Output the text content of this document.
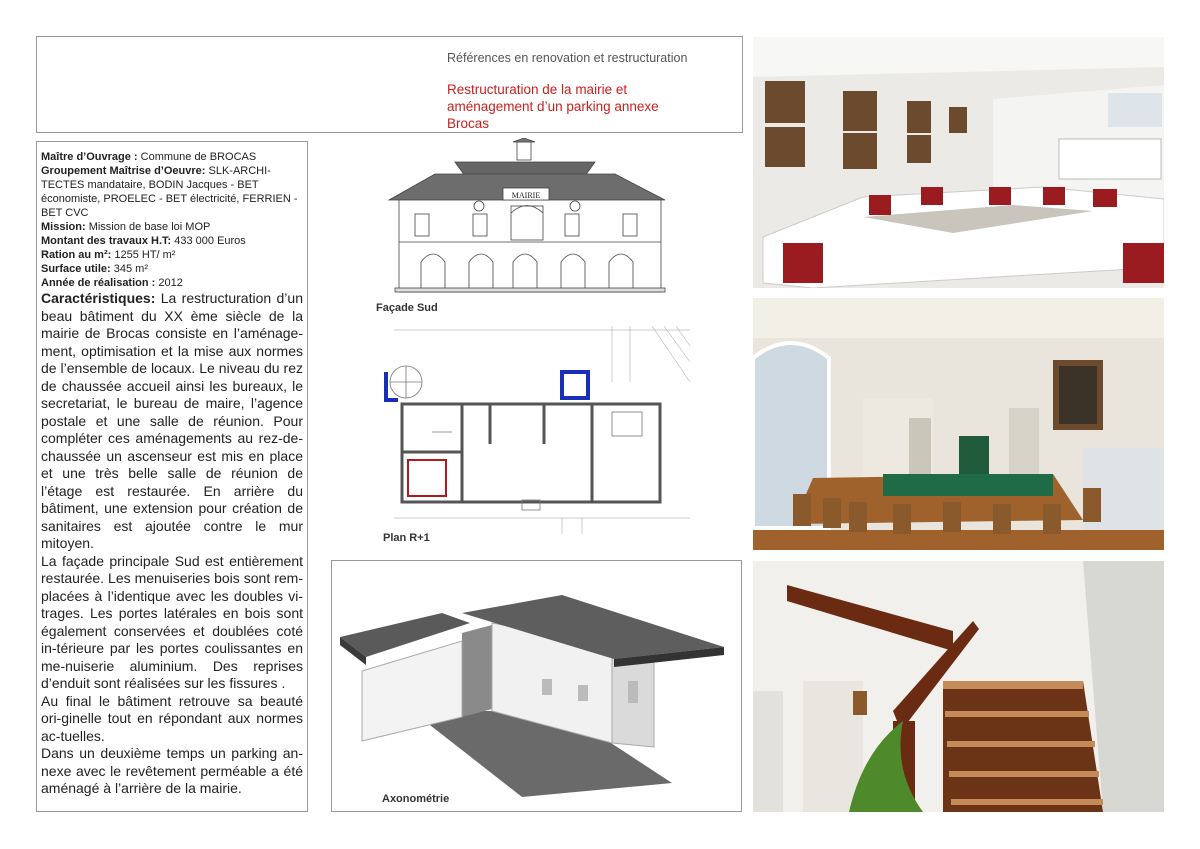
Références en renovation et restructuration
Restructuration de la mairie et
aménagement d’un parking annexe
Brocas

Maître d’Ouvrage : Commune de BROCAS

Groupement Maîtrise d’Oeuvre: SLK-ARCHI-TECTES mandataire, BODIN Jacques - BET économiste, PROELEC - BET électricité, FERRIEN - BET CVC

Mission: Mission de base loi MOP

Montant des travaux H.T: 433 000 Euros

Ration au m²: 1255 HT/ m²

Surface utile: 345 m²

Année de réalisation : 2012

Caractéristiques: La restructuration d’un beau bâtiment du XX ème siècle de la mairie de Brocas consiste en l’aménage-ment, optimisation et la mise aux normes de l’ensemble de locaux. Le niveau du rez de chaussée accueil ainsi les bureaux, le secretariat, le bureau de maire, l’agence postale et une salle de réunion. Pour compléter ces aménagements au rez-de-chaussée un ascenseur est mis en place et une très belle salle de réunion de l’étage est restaurée. En arrière du bâtiment, une extension pour création de sanitaires est ajoutée contre le mur mitoyen.

La façade principale Sud est entièrement restaurée. Les menuiseries bois sont rem-placées à l’identique avec les doubles vi-trages. Les portes latérales en bois sont également conservées et doublées coté in-térieure par les portes coulissantes en me-nuiserie aluminium. Des reprises d’enduit sont réalisées sur les fissures .

Au final le bâtiment retrouve sa beauté ori-ginelle tout en répondant aux normes ac-tuelles.

Dans un deuxième temps un parking an-nexe avec le revêtement perméable a été aménagé à l’arrière de la mairie.

MAIRIE
Façade Sud
Plan R+1
Axonométrie
